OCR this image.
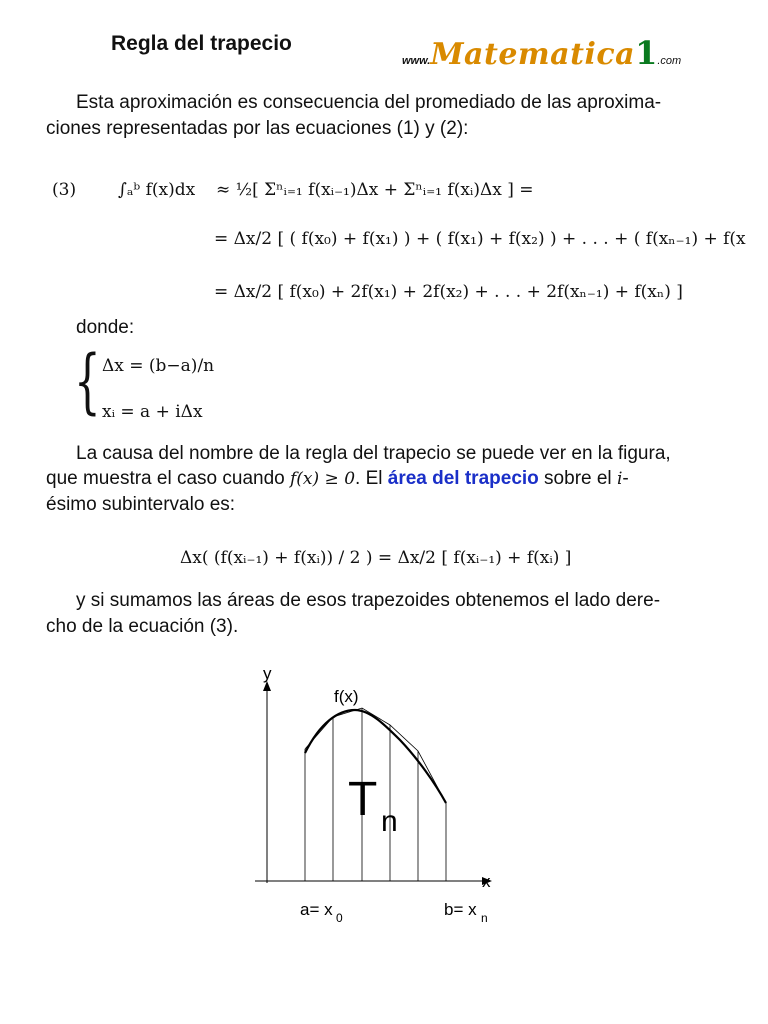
Regla del trapecio
www.Matematica1.com
Esta aproximación es consecuencia del promediado de las aproxima-
ciones representadas por las ecuaciones (1) y (2):
(3) ∫ₐᵇ f(x)dx ≈ ½[ Σⁿᵢ₌₁ f(xᵢ₋₁)Δx + Σⁿᵢ₌₁ f(xᵢ)Δx ] =
= Δx/2 [ ( f(x₀) + f(x₁) ) + ( f(x₁) + f(x₂) ) + . . . + ( f(xₙ₋₁) + f(x
= Δx/2 [ f(x₀) + 2f(x₁) + 2f(x₂) + . . . + 2f(xₙ₋₁) + f(xₙ) ]
donde:
{ Δx = (b−a)/n
xᵢ = a + iΔx
La causa del nombre de la regla del trapecio se puede ver en la figura,
que muestra el caso cuando f(x) ≥ 0. El área del trapecio sobre el i-
ésimo subintervalo es:
Δx( (f(xᵢ₋₁) + f(xᵢ)) / 2 ) = Δx/2 [ f(xᵢ₋₁) + f(xᵢ) ]
y si sumamos las áreas de esos trapezoides obtenemos el lado dere-
cho de la ecuación (3).
y
x
f(x)
T n
a= x 0	b= x n
